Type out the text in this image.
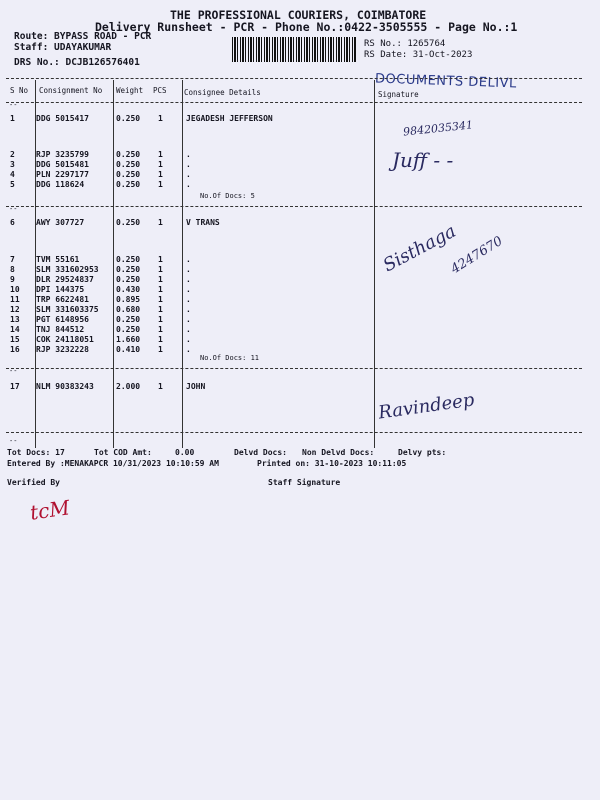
THE PROFESSIONAL COURIERS, COIMBATORE
Delivery Runsheet - PCR - Phone No.:0422-3505555 - Page No.:1
Route: BYPASS ROAD - PCR
Staff: UDAYAKUMAR
DRS No.: DCJB126576401
RS No.: 1265764
RS Date: 31-Oct-2023
DOCUMENTS DELIVL
S No Consignment No Weight PCS Consignee Details	Signature
--
1	DDG 5015417	0.250 1	JEGADESH JEFFERSON
2	RJP 3235799	0.250 1	.
3	DDG 5015481	0.250 1	.
4	PLN 2297177	0.250 1	.
5	DDG 118624	0.250 1	.
No.Of Docs: 5
--
6	AWY 307727	0.250 1	V TRANS
7	TVM 55161	0.250 1	.
8	SLM 331602953 0.250 1	.
9	DLR 29524837	0.250 1	.
10 DPI 144375	0.430 1	.
11 TRP 6622481	0.895 1	.
12 SLM 331603375 0.680 1	.
13 PGT 6148956	0.250 1	.
14 TNJ 844512	0.250 1	.
15 COK 24118051	1.660 1	.
16 RJP 3232228	0.410 1	.
No.Of Docs: 11
--
17 NLM 90383243	2.000 1	JOHN
--
9842035341
Juff - -
Sisthaga
4247670
Ravindeep
Tot Docs: 17	Tot COD Amt:	0.00	Delvd Docs: Non Delvd Docs:	Delvy pts:
Entered By :MENAKAPCR 10/31/2023 10:10:59 AM	Printed on: 31-10-2023 10:11:05
Verified By	Staff Signature
tcM
